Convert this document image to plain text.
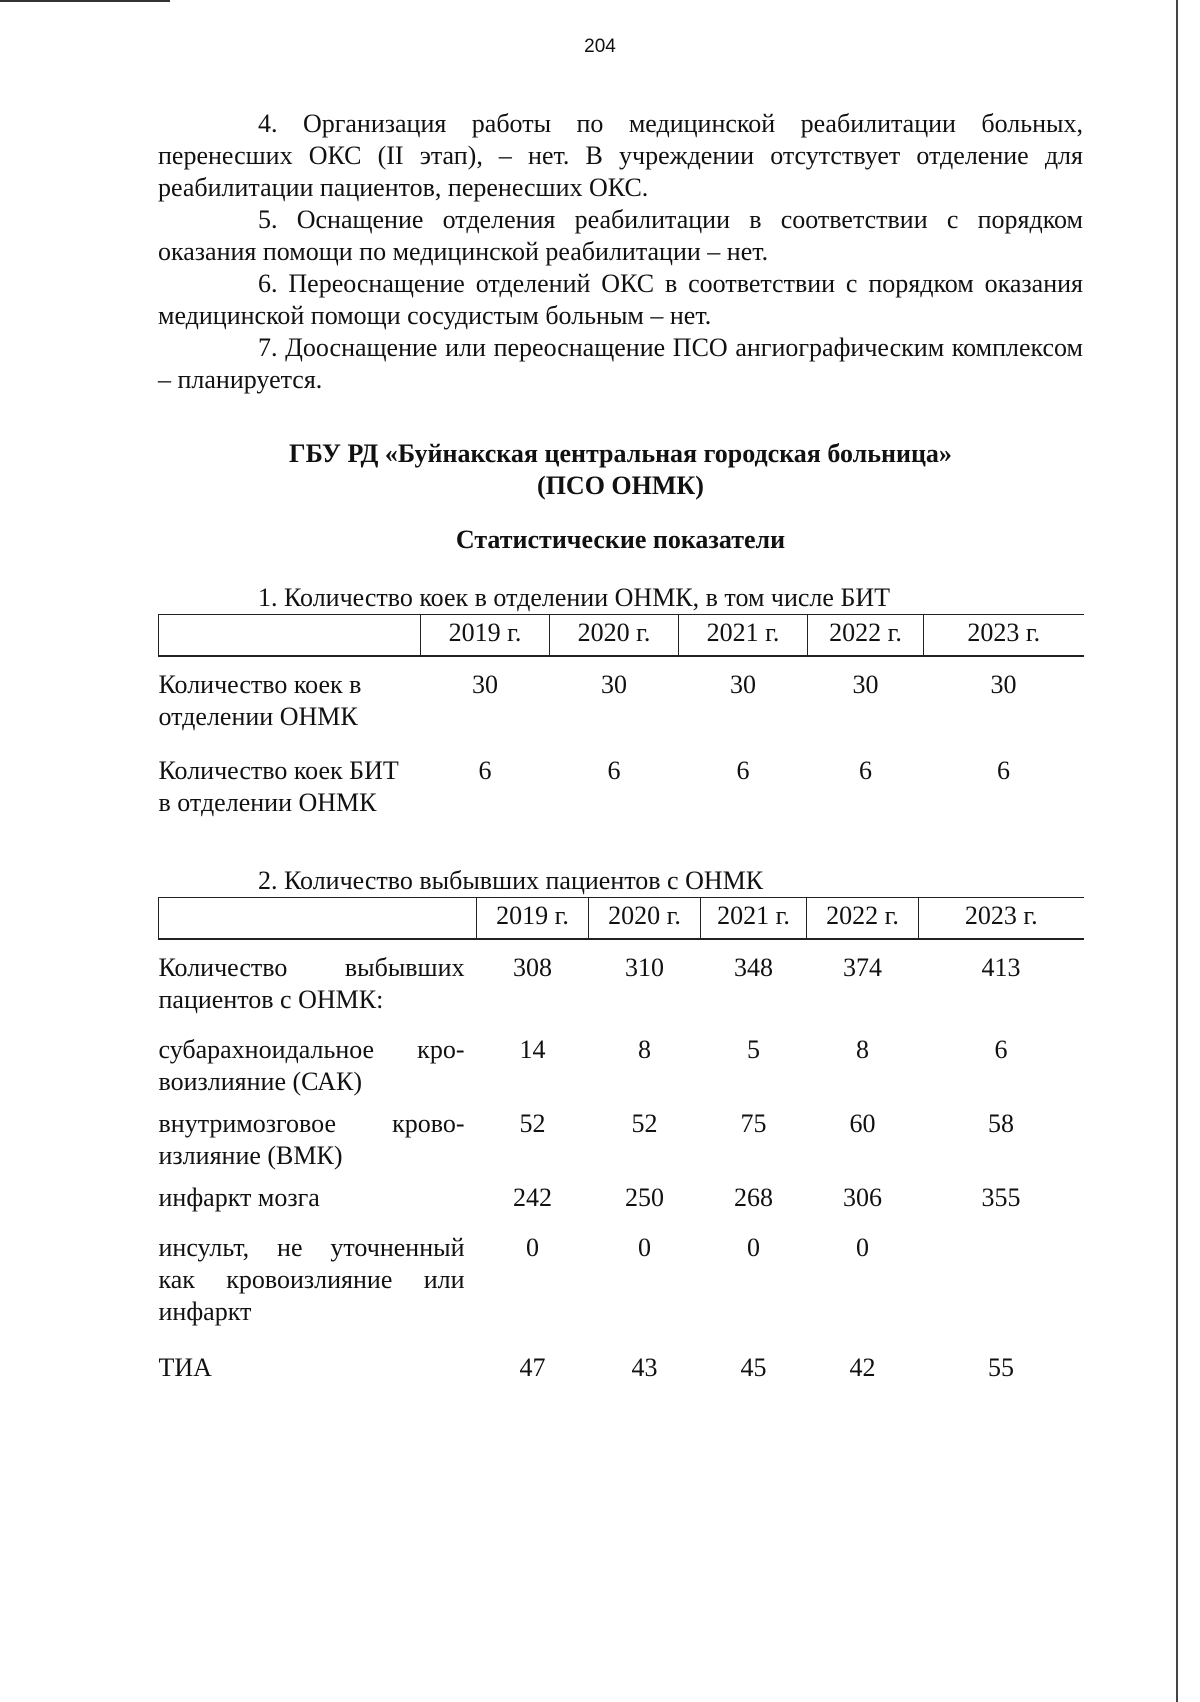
204

4. Организация работы по медицинской реабилитации больных, перенесших ОКС (II этап), – нет. В учреждении отсутствует отделение для реабилитации пациентов, перенесших ОКС.

5. Оснащение отделения реабилитации в соответствии с порядком оказания помощи по медицинской реабилитации – нет.

6. Переоснащение отделений ОКС в соответствии с порядком оказания медицинской помощи сосудистым больным – нет.

7. Дооснащение или переоснащение ПСО ангиографическим комплексом – планируется.

ГБУ РД «Буйнакская центральная городская больница»
(ПСО ОНМК)
Статистические показатели

1. Количество коек в отделении ОНМК, в том числе БИТ

	2019 г.	2020 г.	2021 г.	2022 г.	2023 г.
Количество коек в отделении ОНМК	30	30	30	30	30
Количество коек БИТ в отделении ОНМК	6	6	6	6	6

2. Количество выбывших пациентов с ОНМК

	2019 г.	2020 г.	2021 г.	2022 г.	2023 г.
Количество выбывших пациентов с ОНМК:	308	310	348	374	413
субарахноидальное кровоизлияние (САК)	14	8	5	8	6
внутримозговое кровоизлияние (ВМК)	52	52	75	60	58
инфаркт мозга	242	250	268	306	355
инсульт, не уточненный как кровоизлияние или инфаркт	0	0	0	0	
ТИА	47	43	45	42	55
